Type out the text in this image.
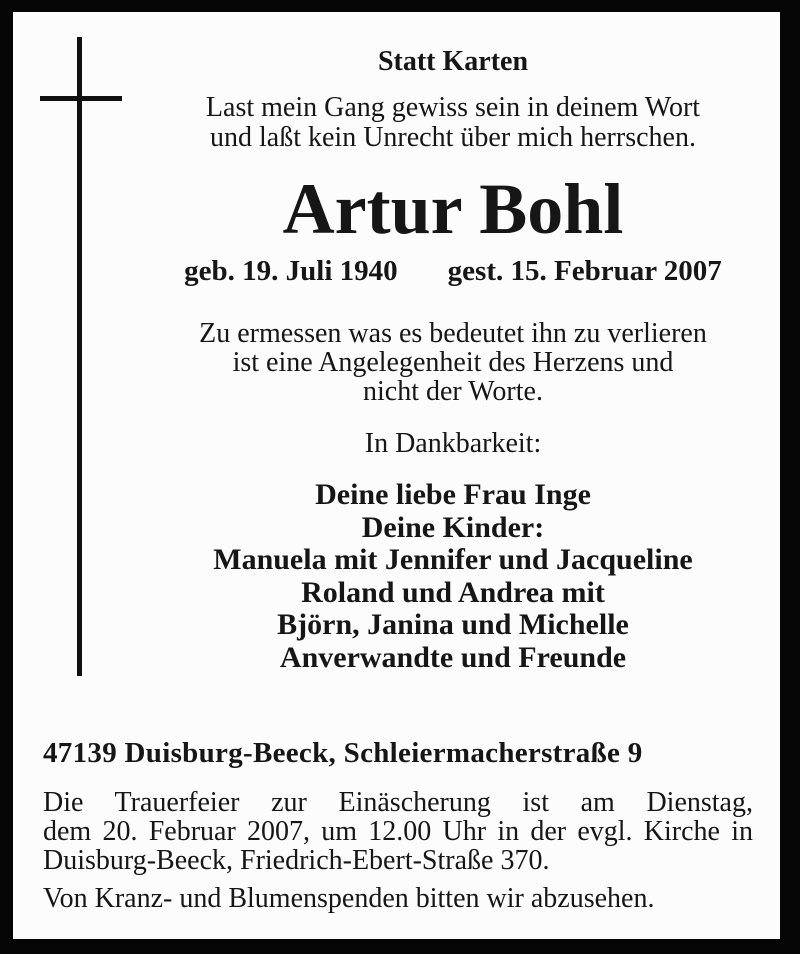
Statt Karten
Last mein Gang gewiss sein in deinem Wort
und laßt kein Unrecht über mich herrschen.
Artur Bohl
geb. 19. Juli 1940 gest. 15. Februar 2007
Zu ermessen was es bedeutet ihn zu verlieren
ist eine Angelegenheit des Herzens und
nicht der Worte.
In Dankbarkeit:
Deine liebe Frau Inge
Deine Kinder:
Manuela mit Jennifer und Jacqueline
Roland und Andrea mit
Björn, Janina und Michelle
Anverwandte und Freunde
47139 Duisburg-Beeck, Schleiermacherstraße 9
Die Trauerfeier zur Einäscherung ist am Dienstag,
dem 20. Februar 2007, um 12.00 Uhr in der evgl. Kirche in
Duisburg-Beeck, Friedrich-Ebert-Straße 370.
Von Kranz- und Blumenspenden bitten wir abzusehen.
